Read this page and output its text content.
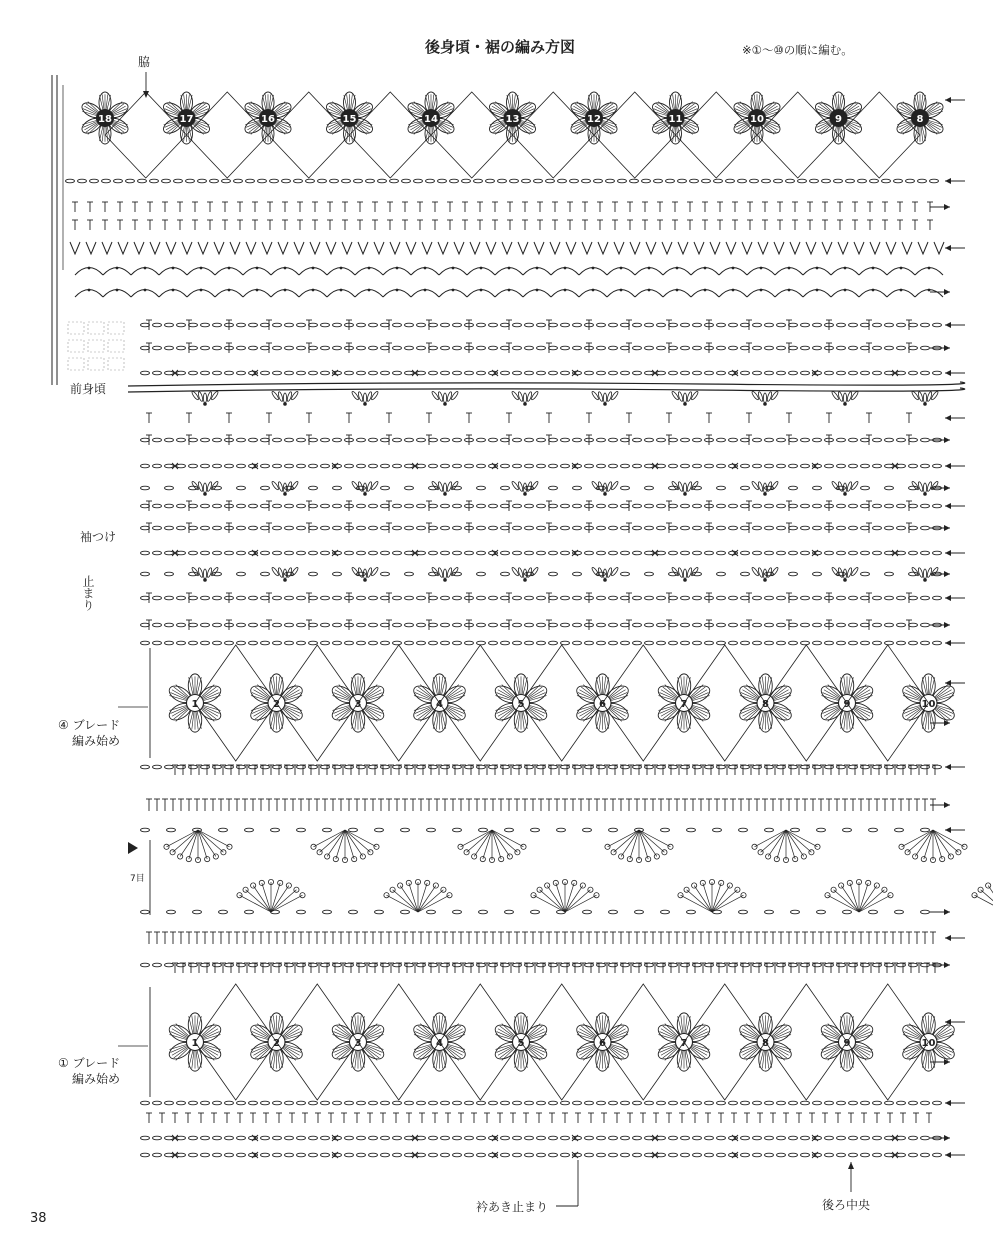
18	17	16	15	14	13	12	11	10	9	8
1	2	3	4	5	6	7	8	9	10
1	2	3	4	5	6	7	8	9	10
後身頃・裾の編み方図	※①～⑩の順に編む。
脇
前身頃
袖つけ
止まり
④ ブレード
編み始め
7目
① ブレード
編み始め
衿あき止まり	後ろ中央
38
